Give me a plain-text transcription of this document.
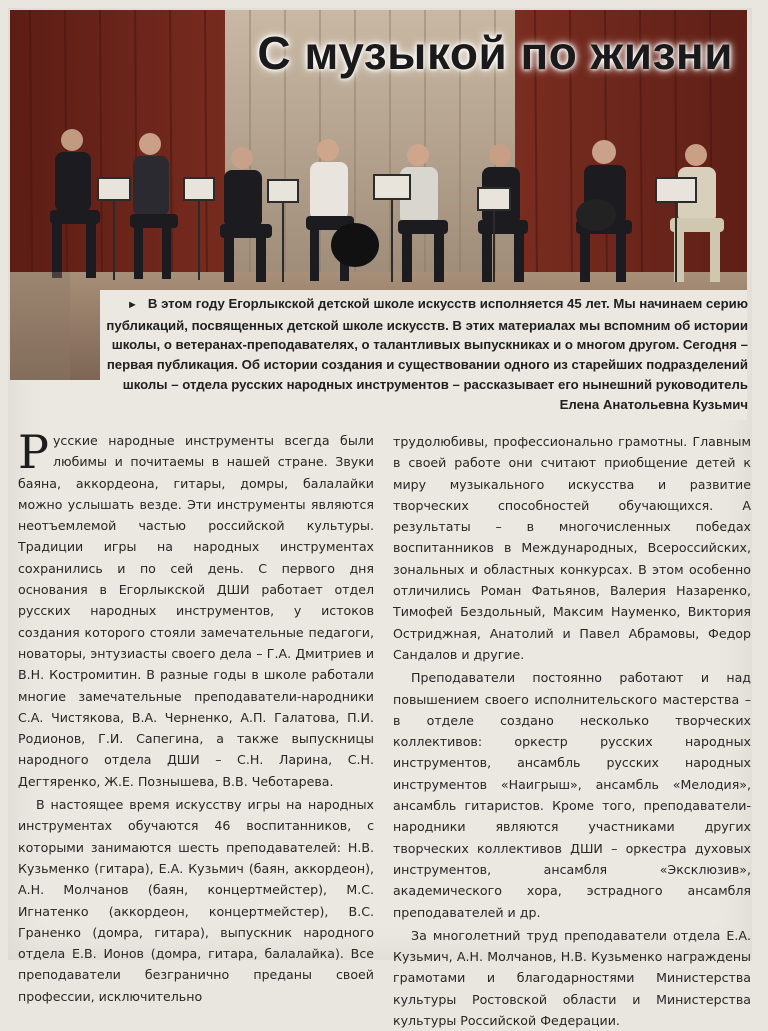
С музыкой по жизни
► В этом году Егорлыкской детской школе искусств исполняется 45 лет. Мы начинаем серию публикаций, посвященных детской школе искусств. В этих материалах мы вспомним об истории школы, о ветеранах-преподавателях, о талантливых выпускниках и о многом другом. Сегодня – первая публикация. Об истории создания и существовании одного из старейших подразделений школы – отдела русских народных инструментов – рассказывает его нынешний руководитель Елена Анатольевна Кузьмич

Русские народные инструменты всегда были любимы и почитаемы в нашей стране. Звуки баяна, аккордеона, гитары, домры, балалайки можно услышать везде. Эти инструменты являются неотъемлемой частью российской культуры. Традиции игры на народных инструментах сохранились и по сей день. С первого дня основания в Егорлыкской ДШИ работает отдел русских народных инструментов, у истоков создания которого стояли замечательные педагоги, новаторы, энтузиасты своего дела – Г.А. Дмитриев и В.Н. Костромитин. В разные годы в школе работали многие замечательные преподаватели-народники С.А. Чистякова, В.А. Черненко, А.П. Галатова, П.И. Родионов, Г.И. Сапегина, а также выпускницы народного отдела ДШИ – С.Н. Ларина, С.Н. Дегтяренко, Ж.Е. Познышева, В.В. Чеботарева.

В настоящее время искусству игры на народных инструментах обучаются 46 воспитанников, с которыми занимаются шесть преподавателей: Н.В. Кузьменко (гитара), Е.А. Кузьмич (баян, аккордеон), А.Н. Молчанов (баян, концертмейстер), М.С. Игнатенко (аккордеон, концертмейстер), В.С. Граненко (домра, гитара), выпускник народного отдела Е.В. Ионов (домра, гитара, балалайка). Все преподаватели безгранично преданы своей профессии, исключительно

трудолюбивы, профессионально грамотны. Главным в своей работе они считают приобщение детей к миру музыкального искусства и развитие творческих способностей обучающихся. А результаты – в многочисленных победах воспитанников в Международных, Всероссийских, зональных и областных конкурсах. В этом особенно отличились Роман Фатьянов, Валерия Назаренко, Тимофей Бездольный, Максим Науменко, Виктория Остриджная, Анатолий и Павел Абрамовы, Федор Сандалов и другие.

Преподаватели постоянно работают и над повышением своего исполнительского мастерства – в отделе создано несколько творческих коллективов: оркестр русских народных инструментов, ансамбль русских народных инструментов «Наигрыш», ансамбль «Мелодия», ансамбль гитаристов. Кроме того, преподаватели-народники являются участниками других творческих коллективов ДШИ – оркестра духовых инструментов, ансамбля «Эксклюзив», академического хора, эстрадного ансамбля преподавателей и др.

За многолетний труд преподаватели отдела Е.А. Кузьмич, А.Н. Молчанов, Н.В. Кузьменко награждены грамотами и благодарностями Министерства культуры Ростовской области и Министерства культуры Российской Федерации.
